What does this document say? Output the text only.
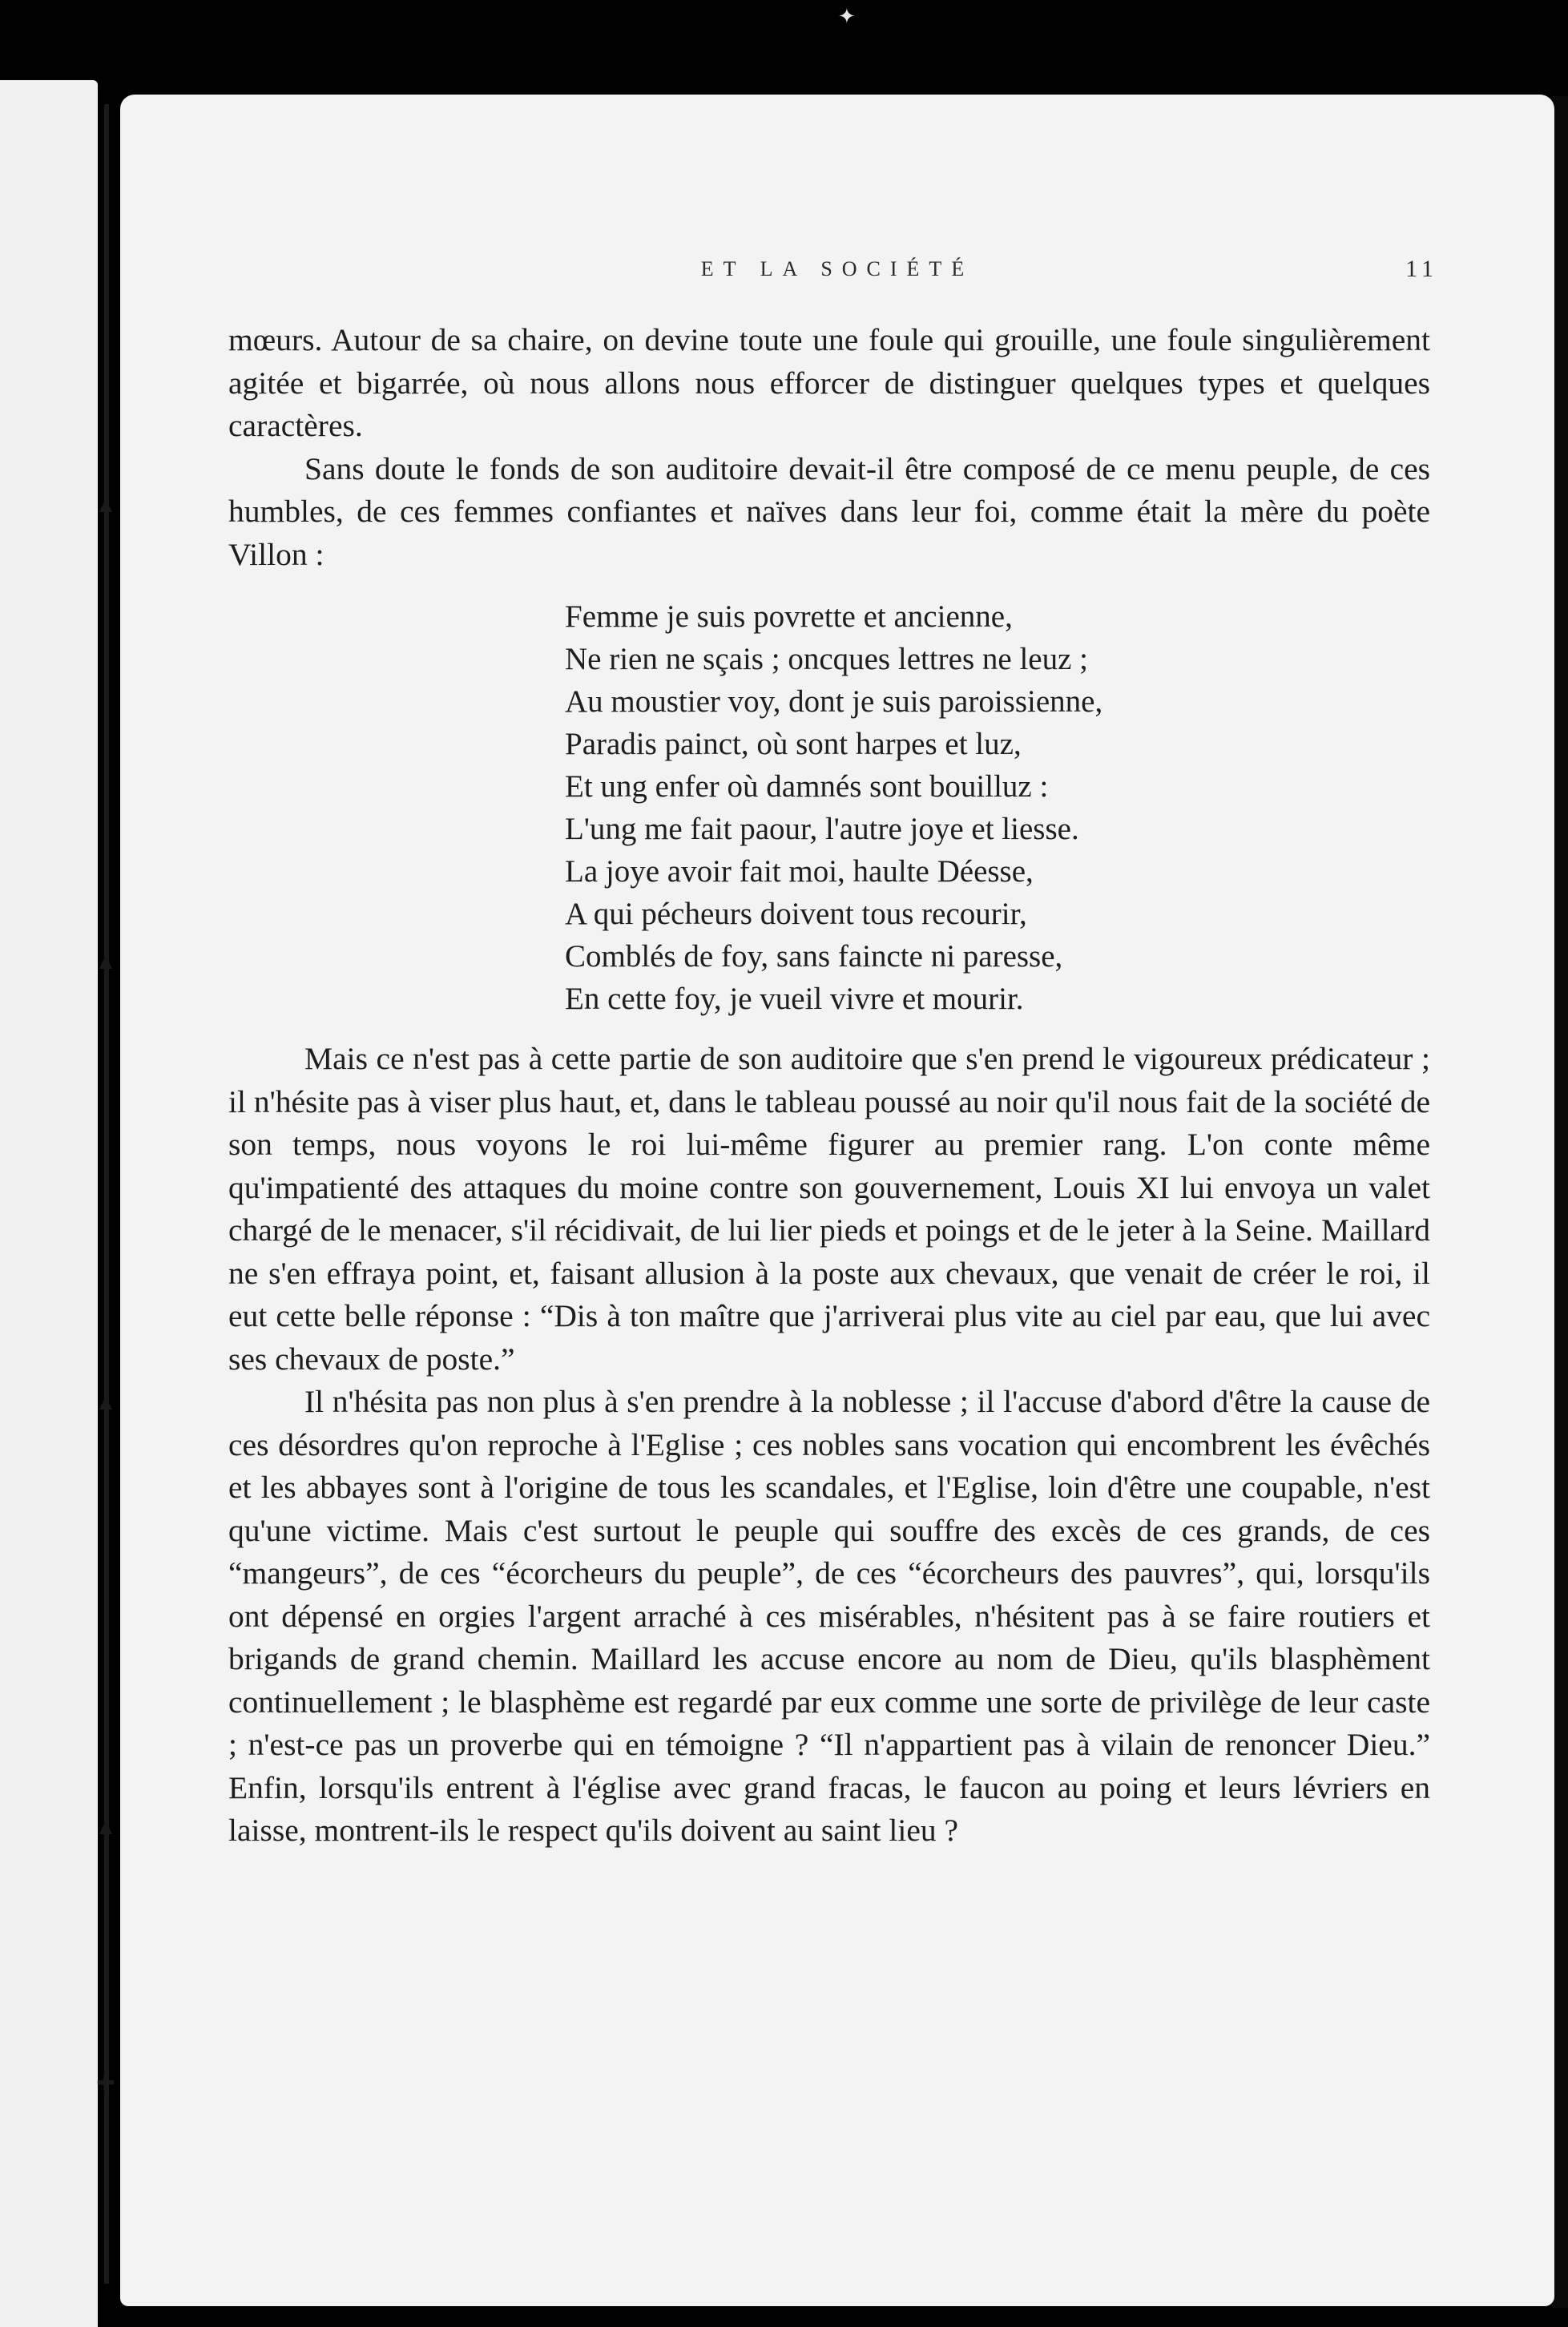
✦
▲
▲
▲
▲
✚
ET LA SOCIÉTÉ	11

mœurs. Autour de sa chaire, on devine toute une foule qui grouille, une foule singulièrement agitée et bigarrée, où nous allons nous efforcer de distinguer quelques types et quelques caractères.

Sans doute le fonds de son auditoire devait-il être composé de ce menu peuple, de ces humbles, de ces femmes confiantes et naïves dans leur foi, comme était la mère du poète Villon :

Femme je suis povrette et ancienne,
Ne rien ne sçais ; oncques lettres ne leuz ;
Au moustier voy, dont je suis paroissienne,
Paradis painct, où sont harpes et luz,
Et ung enfer où damnés sont bouilluz :
L'ung me fait paour, l'autre joye et liesse.
La joye avoir fait moi, haulte Déesse,
A qui pécheurs doivent tous recourir,
Comblés de foy, sans faincte ni paresse,
En cette foy, je vueil vivre et mourir.

Mais ce n'est pas à cette partie de son auditoire que s'en prend le vigoureux prédicateur ; il n'hésite pas à viser plus haut, et, dans le tableau poussé au noir qu'il nous fait de la société de son temps, nous voyons le roi lui-même figurer au premier rang. L'on conte même qu'impatienté des attaques du moine contre son gouvernement, Louis XI lui envoya un valet chargé de le menacer, s'il récidivait, de lui lier pieds et poings et de le jeter à la Seine. Maillard ne s'en effraya point, et, faisant allusion à la poste aux chevaux, que venait de créer le roi, il eut cette belle réponse : “Dis à ton maître que j'arriverai plus vite au ciel par eau, que lui avec ses chevaux de poste.”

Il n'hésita pas non plus à s'en prendre à la noblesse ; il l'accuse d'abord d'être la cause de ces désordres qu'on reproche à l'Eglise ; ces nobles sans vocation qui encombrent les évêchés et les abbayes sont à l'origine de tous les scandales, et l'Eglise, loin d'être une coupable, n'est qu'une victime. Mais c'est surtout le peuple qui souffre des excès de ces grands, de ces “mangeurs”, de ces “écorcheurs du peuple”, de ces “écorcheurs des pauvres”, qui, lorsqu'ils ont dépensé en orgies l'argent arraché à ces misérables, n'hésitent pas à se faire routiers et brigands de grand chemin. Maillard les accuse encore au nom de Dieu, qu'ils blasphèment continuellement ; le blasphème est regardé par eux comme une sorte de privilège de leur caste ; n'est-ce pas un proverbe qui en témoigne ? “Il n'appartient pas à vilain de renoncer Dieu.” Enfin, lorsqu'ils entrent à l'église avec grand fracas, le faucon au poing et leurs lévriers en laisse, montrent-ils le respect qu'ils doivent au saint lieu ?
